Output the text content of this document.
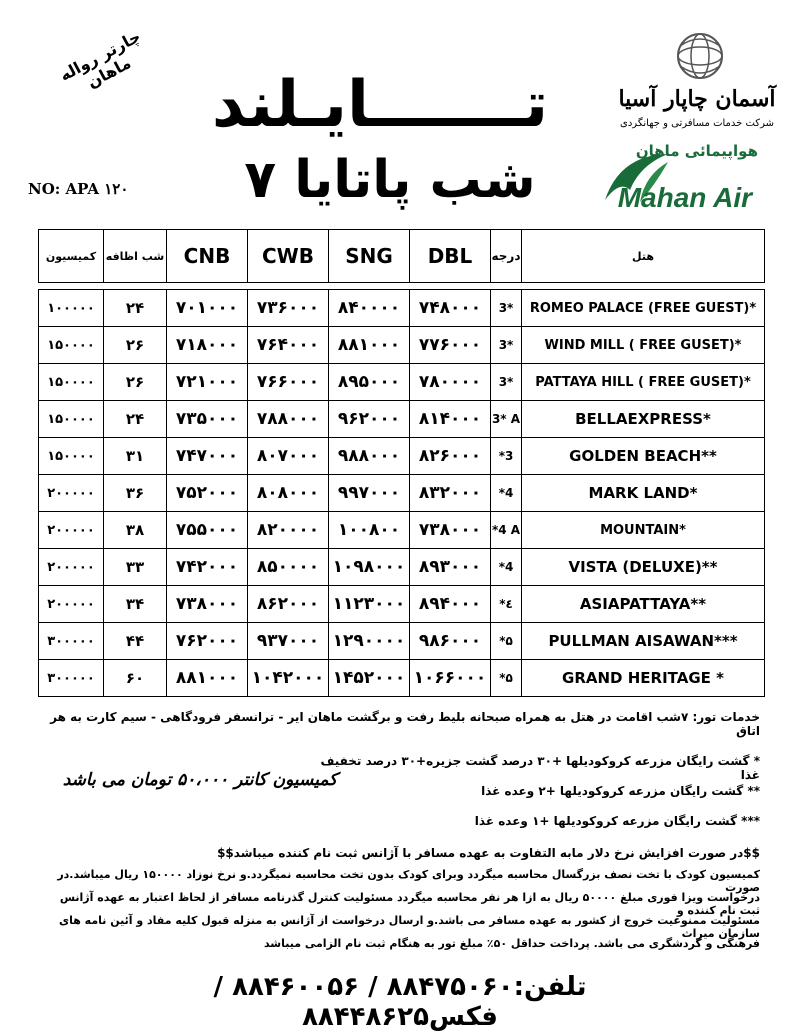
چارتر رواله ماهان
NO: APA ۱۲۰
تـــــــایـلند
۷ شب پاتایا
آسمان چاپار آسیا
شرکت خدمات مسافرتی و جهانگردی
هواپیمائی ماهان
Mahan Air
کمیسیون	شب اظافه	CNB	CWB	SNG	DBL	درجه	هتل

۱۰۰۰۰۰	۲۴	۷۰۱۰۰۰	۷۳۶۰۰۰	۸۴۰۰۰۰	۷۴۸۰۰۰	3*	ROMEO PALACE (FREE GUEST)*
۱۵۰۰۰۰	۲۶	۷۱۸۰۰۰	۷۶۴۰۰۰	۸۸۱۰۰۰	۷۷۶۰۰۰	3*	WIND MILL ( FREE GUSET)*
۱۵۰۰۰۰	۲۶	۷۲۱۰۰۰	۷۶۶۰۰۰	۸۹۵۰۰۰	۷۸۰۰۰۰	3*	PATTAYA HILL ( FREE GUSET)*
۱۵۰۰۰۰	۲۴	۷۳۵۰۰۰	۷۸۸۰۰۰	۹۶۲۰۰۰	۸۱۴۰۰۰	3* A	BELLAEXPRESS*
۱۵۰۰۰۰	۳۱	۷۴۷۰۰۰	۸۰۷۰۰۰	۹۸۸۰۰۰	۸۲۶۰۰۰	*3	GOLDEN BEACH**
۲۰۰۰۰۰	۳۶	۷۵۲۰۰۰	۸۰۸۰۰۰	۹۹۷۰۰۰	۸۳۲۰۰۰	*4	MARK LAND*
۲۰۰۰۰۰	۳۸	۷۵۵۰۰۰	۸۲۰۰۰۰	۱۰۰۸۰۰	۷۳۸۰۰۰	*4 A	MOUNTAIN*
۲۰۰۰۰۰	۳۳	۷۴۲۰۰۰	۸۵۰۰۰۰	۱۰۹۸۰۰۰	۸۹۳۰۰۰	*4	VISTA (DELUXE)**
۲۰۰۰۰۰	۳۴	۷۳۸۰۰۰	۸۶۲۰۰۰	۱۱۲۳۰۰۰	۸۹۴۰۰۰	*٤	ASIAPATTAYA**
۳۰۰۰۰۰	۴۴	۷۶۲۰۰۰	۹۳۷۰۰۰	۱۲۹۰۰۰۰	۹۸۶۰۰۰	*۵	PULLMAN AISAWAN***
۳۰۰۰۰۰	۶۰	۸۸۱۰۰۰	۱۰۴۲۰۰۰	۱۴۵۲۰۰۰	۱۰۶۶۰۰۰	*۵	GRAND HERITAGE *
خدمات تور: ۷شب اقامت در هتل به همراه صبحانه بلیط رفت و برگشت ماهان ایر - ترانسفر فرودگاهی - سیم کارت به هر اتاق
* گشت رایگان مزرعه کروکودیلها +۳۰ درصد گشت جزیره+۳۰ درصد تخفیف غذا
** گشت رایگان مزرعه کروکودیلها +۲ وعده غذا
*** گشت رایگان مزرعه کروکودیلها +۱ وعده غذا
کمیسیون کانتر ۵۰،۰۰۰ تومان می باشد
$$در صورت افزایش نرخ دلار مابه التفاوت به عهده مسافر با آژانس ثبت نام کننده میباشد$$
کمیسیون کودک با تخت نصف بزرگسال محاسبه میگردد وبرای کودک بدون تخت محاسبه نمیگردد.و نرخ نوزاد ۱۵۰۰۰۰ ریال میباشد.در صورت
درخواست ویزا فوری مبلغ ۵۰۰۰۰ ریال به ازا هر نفر محاسبه میگردد مسئولیت کنترل گذرنامه مسافر از لحاظ اعتبار به عهده آژانس ثبت نام کننده و
مسئولیت ممنوعیت خروج از کشور به عهده مسافر می باشد.و ارسال درخواست از آژانس به منزله قبول کلیه مفاد و آئین نامه های سازمان میراث
فرهنگی و گردشگری می باشد. پرداخت حداقل ۵۰٪ مبلغ تور به هنگام ثبت نام الزامی میباشد
تلفن:۸۸۴۷۵۰۶۰ / ۸۸۴۶۰۰۵۶ /فکس۸۸۴۴۸۶۲۵
